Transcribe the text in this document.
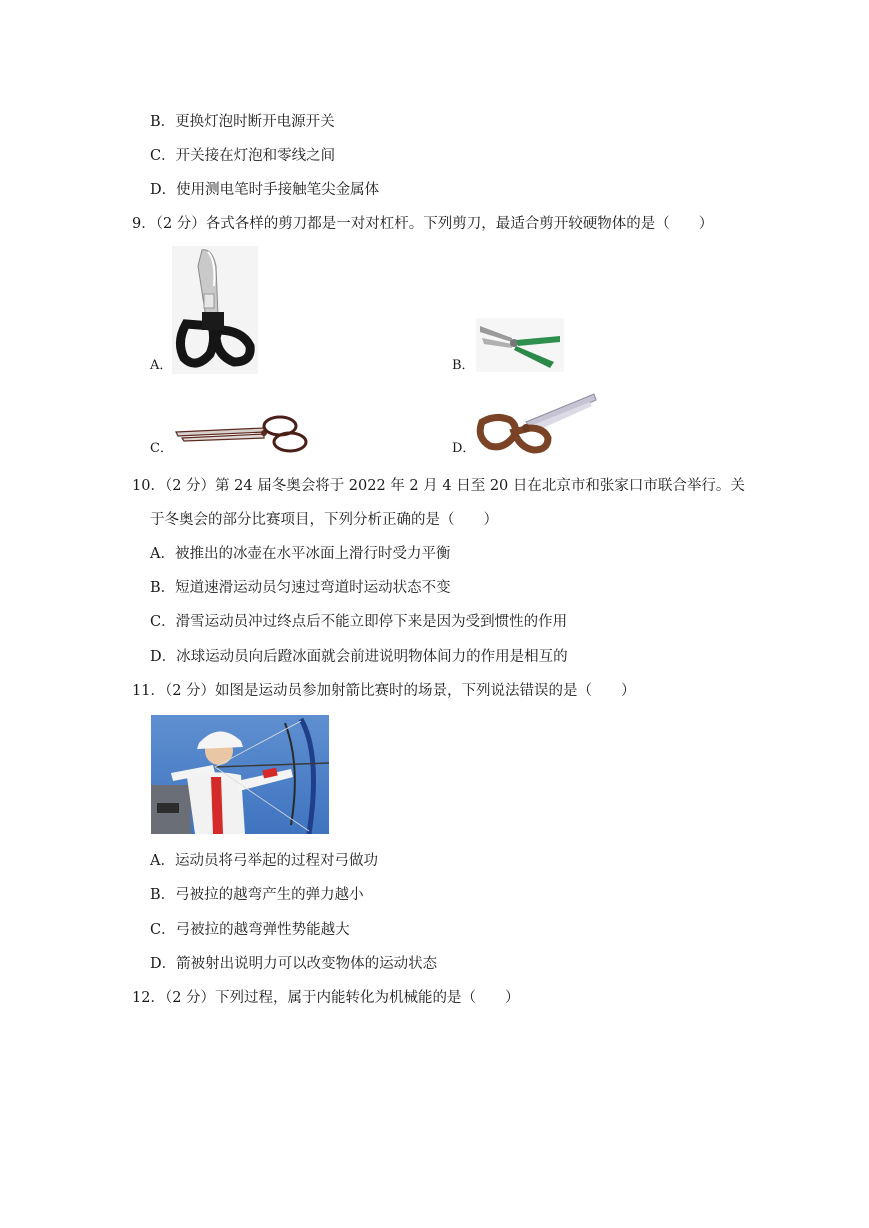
B．更换灯泡时断开电源开关
C．开关接在灯泡和零线之间
D．使用测电笔时手接触笔尖金属体
9．（2 分）各式各样的剪刀都是一对对杠杆。下列剪刀，最适合剪开较硬物体的是（　　）
A．	B．
C．	D．
10．（2 分）第 24 届冬奥会将于 2022 年 2 月 4 日至 20 日在北京市和张家口市联合举行。关
于冬奥会的部分比赛项目，下列分析正确的是（　　）
A．被推出的冰壶在水平冰面上滑行时受力平衡
B．短道速滑运动员匀速过弯道时运动状态不变
C．滑雪运动员冲过终点后不能立即停下来是因为受到惯性的作用
D．冰球运动员向后蹬冰面就会前进说明物体间力的作用是相互的
11．（2 分）如图是运动员参加射箭比赛时的场景，下列说法错误的是（　　）
A．运动员将弓举起的过程对弓做功
B．弓被拉的越弯产生的弹力越小
C．弓被拉的越弯弹性势能越大
D．箭被射出说明力可以改变物体的运动状态
12．（2 分）下列过程，属于内能转化为机械能的是（　　）
